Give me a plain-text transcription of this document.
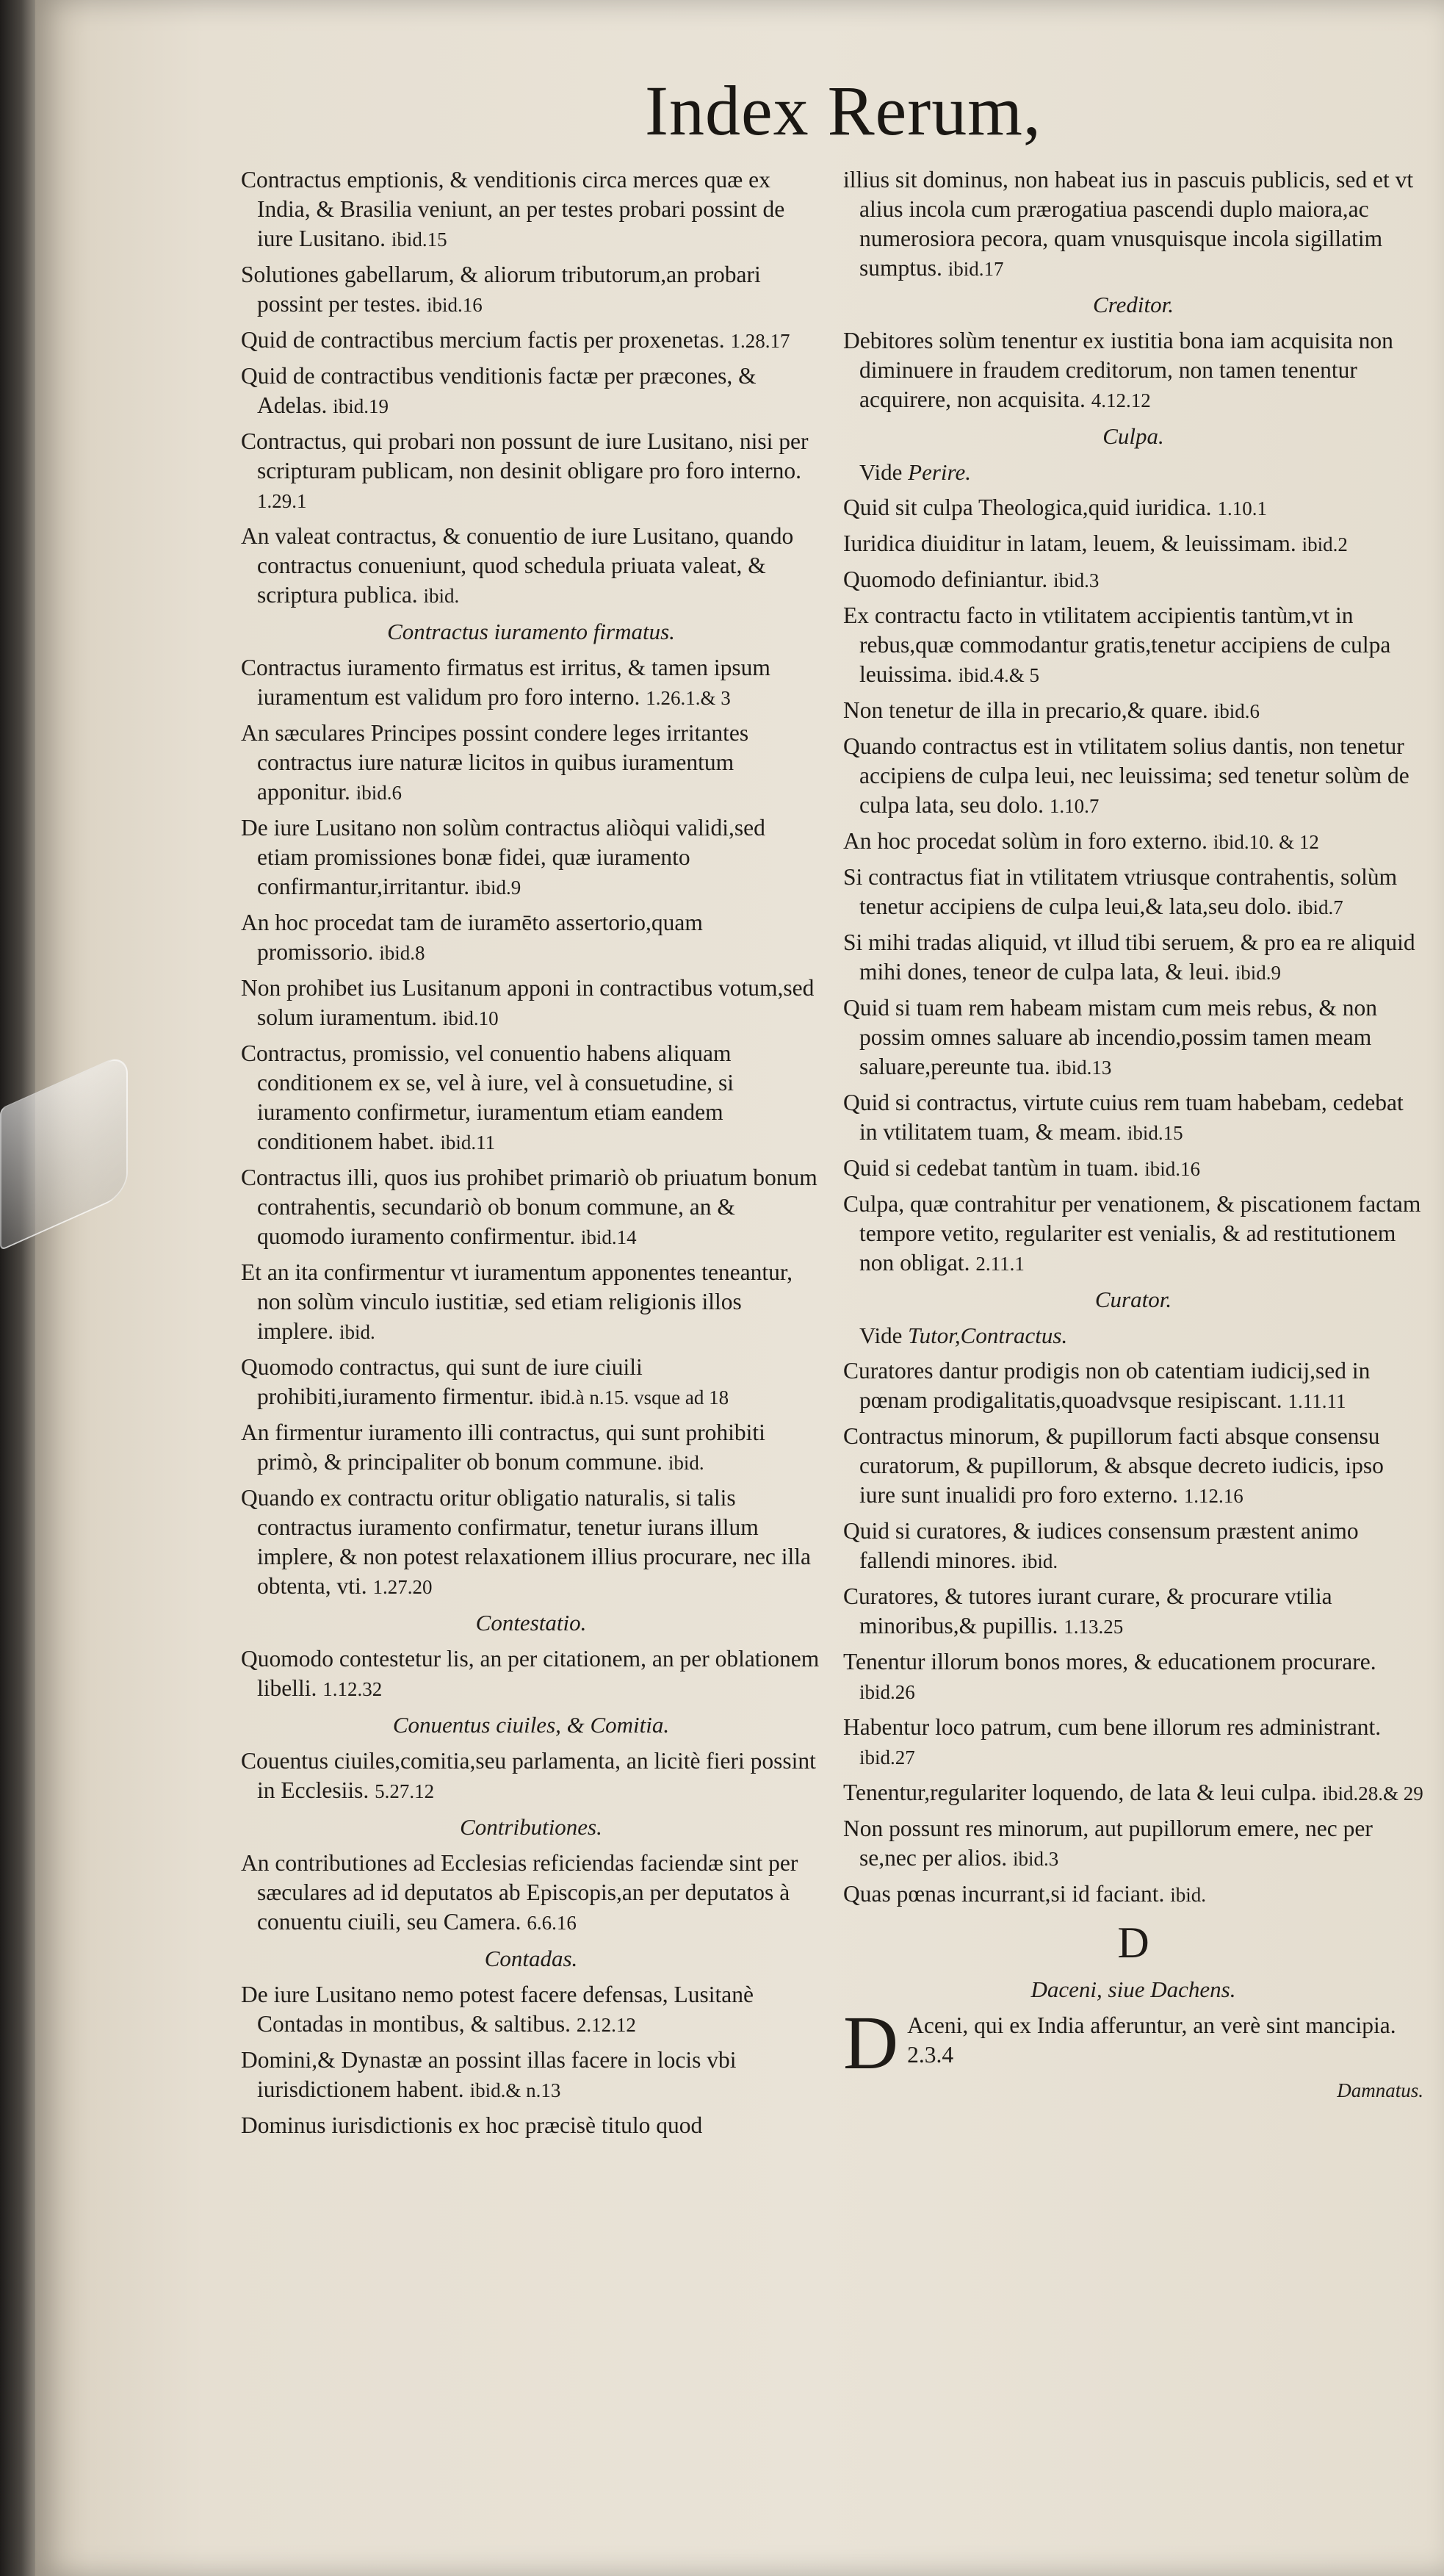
Index Rerum,
Contractus emptionis, & venditionis circa merces quæ ex India, & Brasilia veniunt, an per testes probari possint de iure Lusitano. ibid.15
Solutiones gabellarum, & aliorum tributorum,an probari possint per testes. ibid.16
Quid de contractibus mercium factis per proxenetas. 1.28.17
Quid de contractibus venditionis factæ per præcones, & Adelas. ibid.19
Contractus, qui probari non possunt de iure Lusitano, nisi per scripturam publicam, non desinit obligare pro foro interno. 1.29.1
An valeat contractus, & conuentio de iure Lusitano, quando contractus conueniunt, quod schedula priuata valeat, & scriptura publica. ibid.
Contractus iuramento firmatus.
Contractus iuramento firmatus est irritus, & tamen ipsum iuramentum est validum pro foro interno. 1.26.1.& 3
An sæculares Principes possint condere leges irritantes contractus iure naturæ licitos in quibus iuramentum apponitur. ibid.6
De iure Lusitano non solùm contractus aliòqui validi,sed etiam promissiones bonæ fidei, quæ iuramento confirmantur,irritantur. ibid.9
An hoc procedat tam de iuramēto assertorio,quam promissorio. ibid.8
Non prohibet ius Lusitanum apponi in contractibus votum,sed solum iuramentum. ibid.10
Contractus, promissio, vel conuentio habens aliquam conditionem ex se, vel à iure, vel à consuetudine, si iuramento confirmetur, iuramentum etiam eandem conditionem habet. ibid.11
Contractus illi, quos ius prohibet primariò ob priuatum bonum contrahentis, secundariò ob bonum commune, an & quomodo iuramento confirmentur. ibid.14
Et an ita confirmentur vt iuramentum apponentes teneantur, non solùm vinculo iustitiæ, sed etiam religionis illos implere. ibid.
Quomodo contractus, qui sunt de iure ciuili prohibiti,iuramento firmentur. ibid.à n.15. vsque ad 18
An firmentur iuramento illi contractus, qui sunt prohibiti primò, & principaliter ob bonum commune. ibid.
Quando ex contractu oritur obligatio naturalis, si talis contractus iuramento confirmatur, tenetur iurans illum implere, & non potest relaxationem illius procurare, nec illa obtenta, vti. 1.27.20
Contestatio.
Quomodo contestetur lis, an per citationem, an per oblationem libelli. 1.12.32
Conuentus ciuiles, & Comitia.
Couentus ciuiles,comitia,seu parlamenta, an licitè fieri possint in Ecclesiis. 5.27.12
Contributiones.
An contributiones ad Ecclesias reficiendas faciendæ sint per sæculares ad id deputatos ab Episcopis,an per deputatos à conuentu ciuili, seu Camera. 6.6.16
Contadas.
De iure Lusitano nemo potest facere defensas, Lusitanè Contadas in montibus, & saltibus. 2.12.12
Domini,& Dynastæ an possint illas facere in locis vbi iurisdictionem habent. ibid.& n.13
Dominus iurisdictionis ex hoc præcisè titulo quod
illius sit dominus, non habeat ius in pascuis publicis, sed et vt alius incola cum prærogatiua pascendi duplo maiora,ac numerosiora pecora, quam vnusquisque incola sigillatim sumptus. ibid.17
Creditor.
Debitores solùm tenentur ex iustitia bona iam acquisita non diminuere in fraudem creditorum, non tamen tenentur acquirere, non acquisita. 4.12.12
Culpa.
Vide Perire.
Quid sit culpa Theologica,quid iuridica. 1.10.1
Iuridica diuiditur in latam, leuem, & leuissimam. ibid.2
Quomodo definiantur. ibid.3
Ex contractu facto in vtilitatem accipientis tantùm,vt in rebus,quæ commodantur gratis,tenetur accipiens de culpa leuissima. ibid.4.& 5
Non tenetur de illa in precario,& quare. ibid.6
Quando contractus est in vtilitatem solius dantis, non tenetur accipiens de culpa leui, nec leuissima; sed tenetur solùm de culpa lata, seu dolo. 1.10.7
An hoc procedat solùm in foro externo. ibid.10. & 12
Si contractus fiat in vtilitatem vtriusque contrahentis, solùm tenetur accipiens de culpa leui,& lata,seu dolo. ibid.7
Si mihi tradas aliquid, vt illud tibi seruem, & pro ea re aliquid mihi dones, teneor de culpa lata, & leui. ibid.9
Quid si tuam rem habeam mistam cum meis rebus, & non possim omnes saluare ab incendio,possim tamen meam saluare,pereunte tua. ibid.13
Quid si contractus, virtute cuius rem tuam habebam, cedebat in vtilitatem tuam, & meam. ibid.15
Quid si cedebat tantùm in tuam. ibid.16
Culpa, quæ contrahitur per venationem, & piscationem factam tempore vetito, regulariter est venialis, & ad restitutionem non obligat. 2.11.1
Curator.
Vide Tutor,Contractus.
Curatores dantur prodigis non ob catentiam iudicij,sed in pœnam prodigalitatis,quoadvsque resipiscant. 1.11.11
Contractus minorum, & pupillorum facti absque consensu curatorum, & pupillorum, & absque decreto iudicis, ipso iure sunt inualidi pro foro externo. 1.12.16
Quid si curatores, & iudices consensum præstent animo fallendi minores. ibid.
Curatores, & tutores iurant curare, & procurare vtilia minoribus,& pupillis. 1.13.25
Tenentur illorum bonos mores, & educationem procurare. ibid.26
Habentur loco patrum, cum bene illorum res administrant. ibid.27
Tenentur,regulariter loquendo, de lata & leui culpa. ibid.28.& 29
Non possunt res minorum, aut pupillorum emere, nec per se,nec per alios. ibid.3
Quas pœnas incurrant,si id faciant. ibid.
D
Daceni, siue Dachens.
D Aceni, qui ex India afferuntur, an verè sint mancipia. 2.3.4
Damnatus.
